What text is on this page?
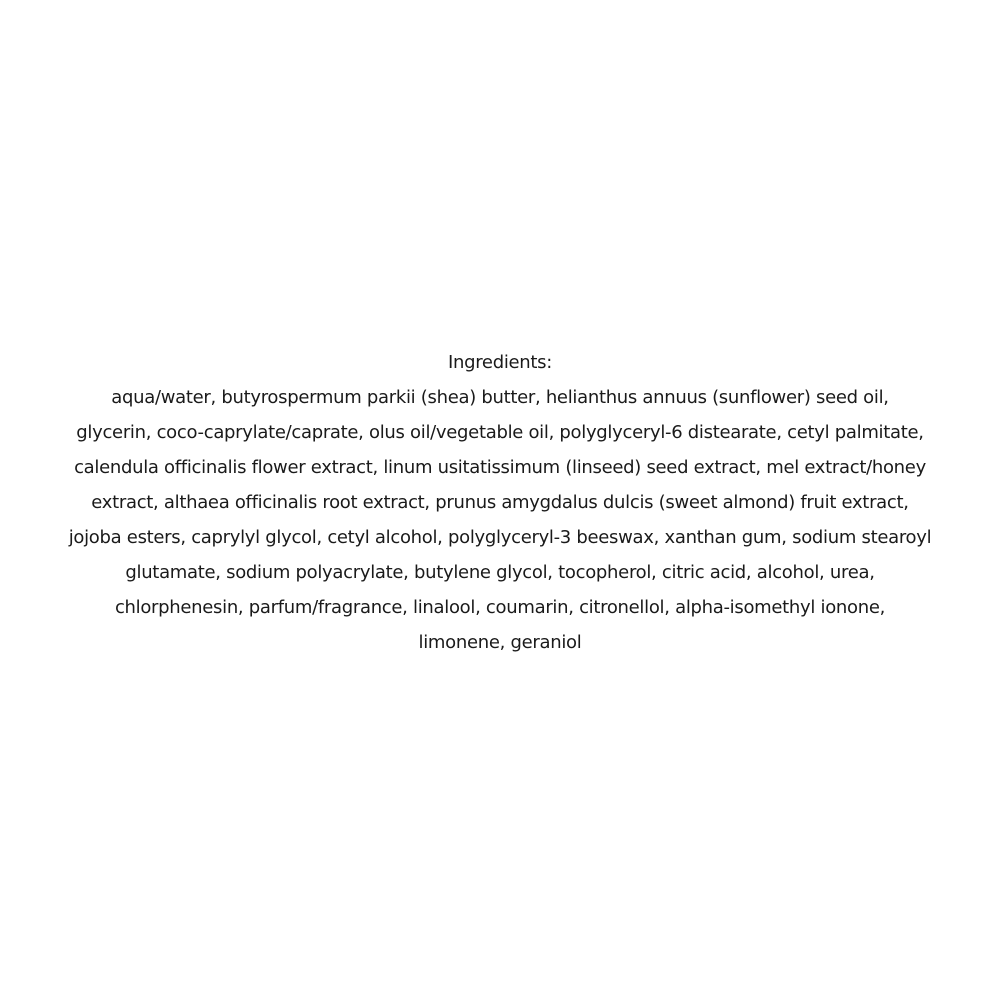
Ingredients:
aqua/water, butyrospermum parkii (shea) butter, helianthus annuus (sunflower) seed oil,
glycerin, coco-caprylate/caprate, olus oil/vegetable oil, polyglyceryl-6 distearate, cetyl palmitate,
calendula officinalis flower extract, linum usitatissimum (linseed) seed extract, mel extract/honey
extract, althaea officinalis root extract, prunus amygdalus dulcis (sweet almond) fruit extract,
jojoba esters, caprylyl glycol, cetyl alcohol, polyglyceryl-3 beeswax, xanthan gum, sodium stearoyl
glutamate, sodium polyacrylate, butylene glycol, tocopherol, citric acid, alcohol, urea,
chlorphenesin, parfum/fragrance, linalool, coumarin, citronellol, alpha-isomethyl ionone,
limonene, geraniol
